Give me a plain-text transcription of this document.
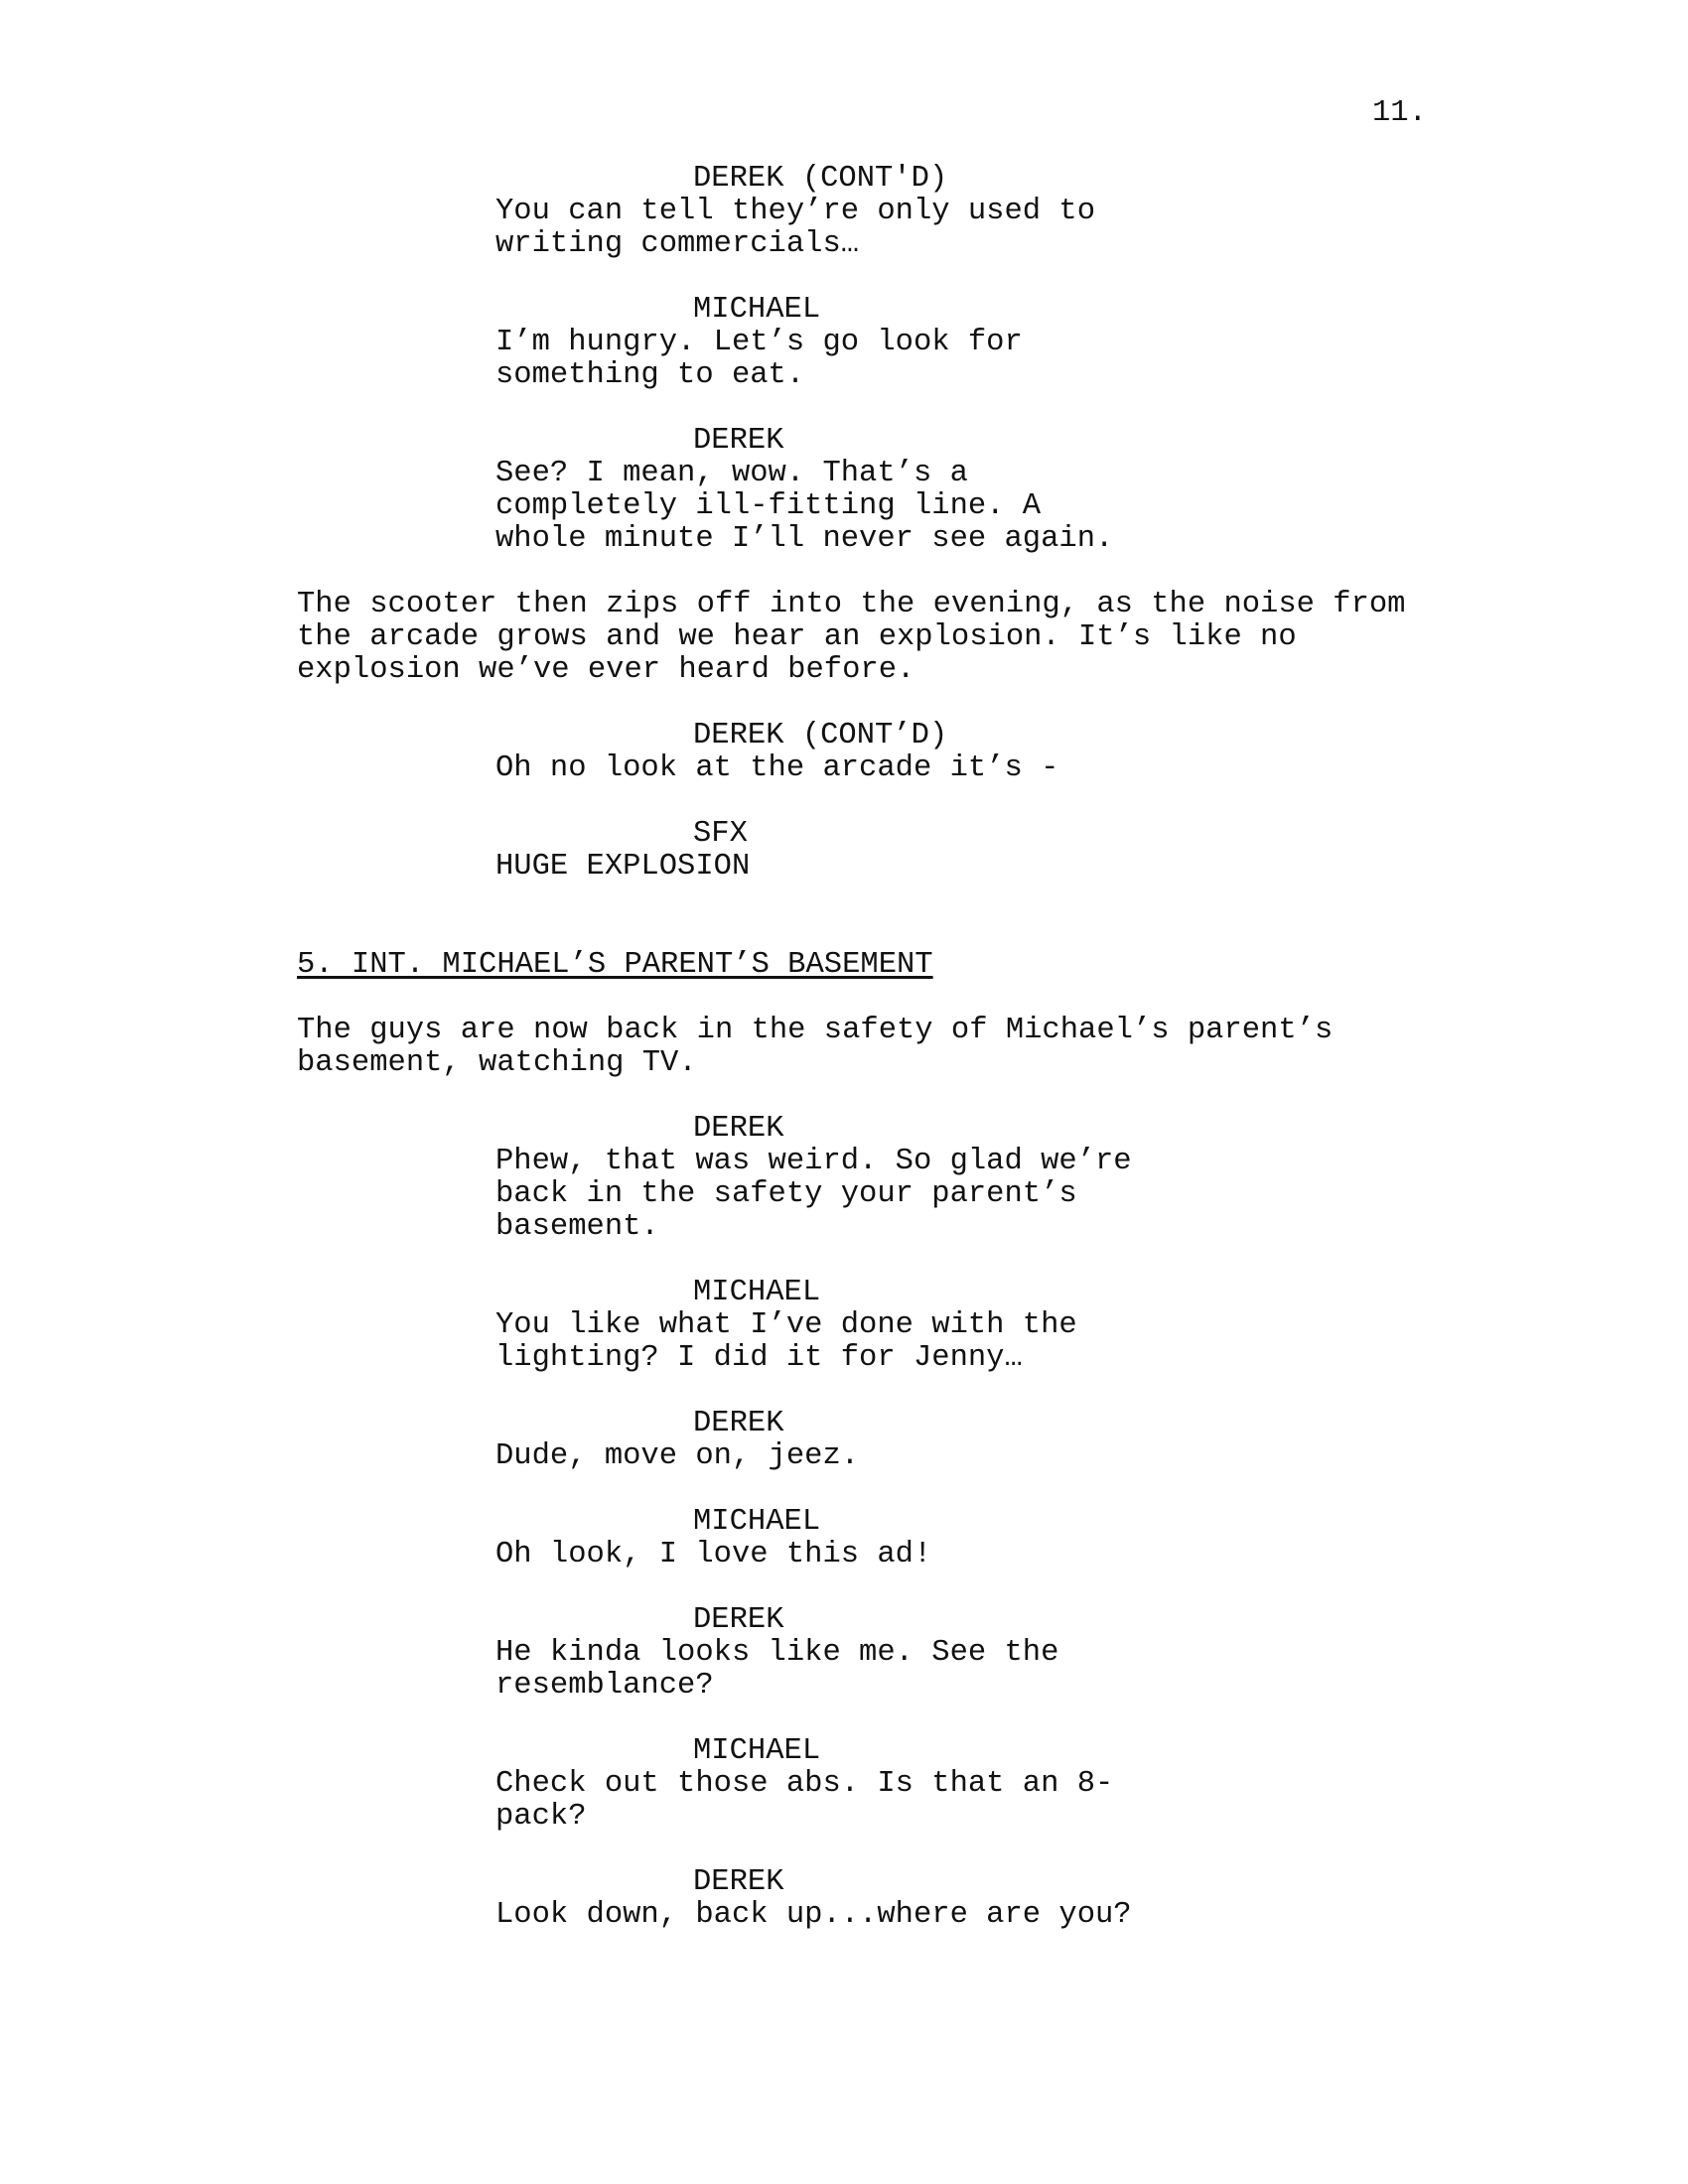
11.
DEREK (CONT'D)
You can tell they’re only used to
writing commercials…
MICHAEL
I’m hungry. Let’s go look for
something to eat.
DEREK
See? I mean, wow. That’s a
completely ill-fitting line. A
whole minute I’ll never see again.
The scooter then zips off into the evening, as the noise from
the arcade grows and we hear an explosion. It’s like no
explosion we’ve ever heard before.
DEREK (CONT’D)
Oh no look at the arcade it’s -
SFX
HUGE EXPLOSION
5. INT. MICHAEL’S PARENT’S BASEMENT
The guys are now back in the safety of Michael’s parent’s
basement, watching TV.
DEREK
Phew, that was weird. So glad we’re
back in the safety your parent’s
basement.
MICHAEL
You like what I’ve done with the
lighting? I did it for Jenny…
DEREK
Dude, move on, jeez.
MICHAEL
Oh look, I love this ad!
DEREK
He kinda looks like me. See the
resemblance?
MICHAEL
Check out those abs. Is that an 8-
pack?
DEREK
Look down, back up...where are you?
